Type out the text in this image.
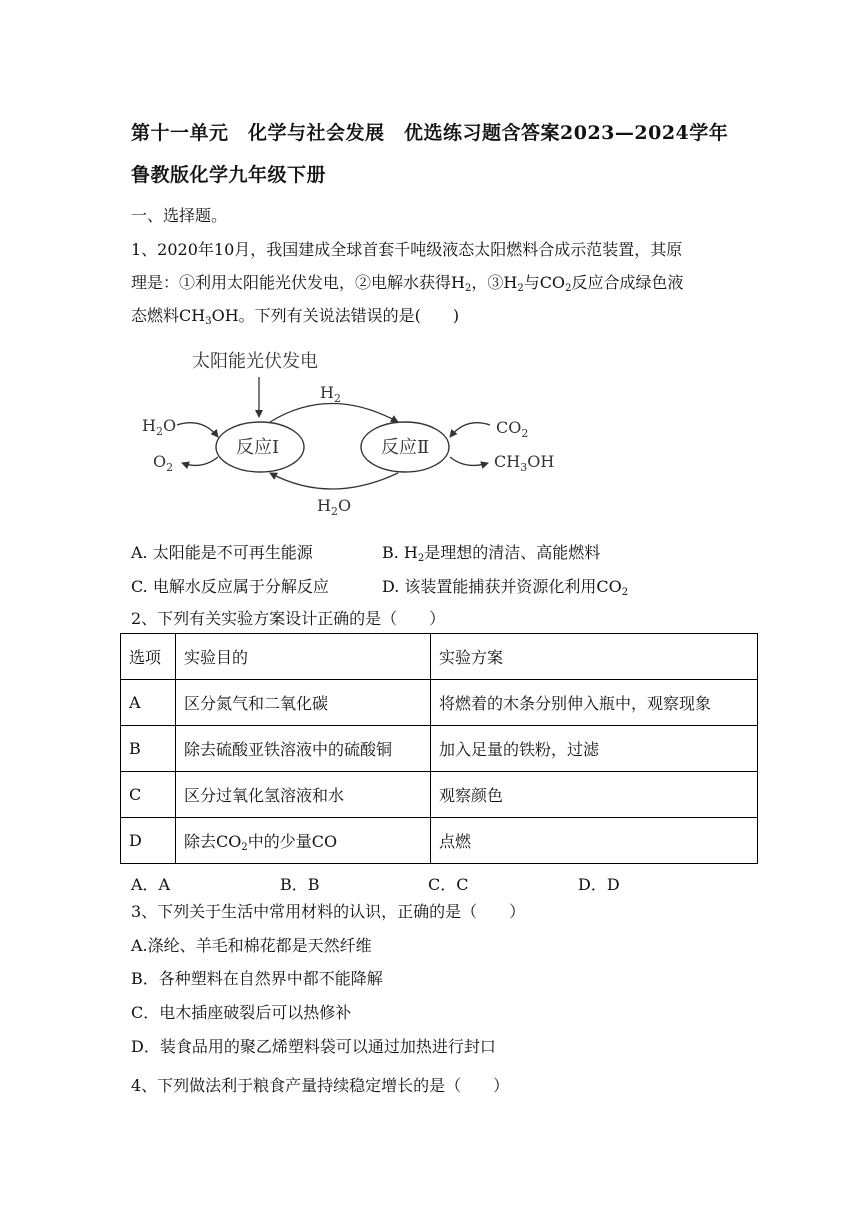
第十一单元　化学与社会发展　优选练习题含答案2023—2024学年
鲁教版化学九年级下册
一、选择题。
1、2020年10月，我国建成全球首套千吨级液态太阳燃料合成示范装置，其原
理是：①利用太阳能光伏发电，②电解水获得$H_2$，$③H_2$与$CO_2$反应合成绿色液
态燃料$CH_3OH$。下列有关说法错误的是(　　)
太阳能光伏发电
反应Ⅰ	反应Ⅱ
$H_2$
$H_2O$
$H_2O$
$O_2$
$CO_2$
$CH_3OH$
A. 太阳能是不可再生能源	B. $H_2$是理想的清洁、高能燃料
C. 电解水反应属于分解反应	D. 该装置能捕获并资源化利用$CO_2$
2、下列有关实验方案设计正确的是（　　）
选项	实验目的	实验方案
A	区分氮气和二氧化碳	将燃着的木条分别伸入瓶中，观察现象
B	除去硫酸亚铁溶液中的硫酸铜	加入足量的铁粉，过滤
C	区分过氧化氢溶液和水	观察颜色
D	除去$CO_2$中的少量CO	点燃
A．A	B．B	C．C	D．D
3、下列关于生活中常用材料的认识，正确的是（　　）
A.涤纶、羊毛和棉花都是天然纤维
B．各种塑料在自然界中都不能降解
C．电木插座破裂后可以热修补
D．装食品用的聚乙烯塑料袋可以通过加热进行封口
4、下列做法利于粮食产量持续稳定增长的是（　　）
